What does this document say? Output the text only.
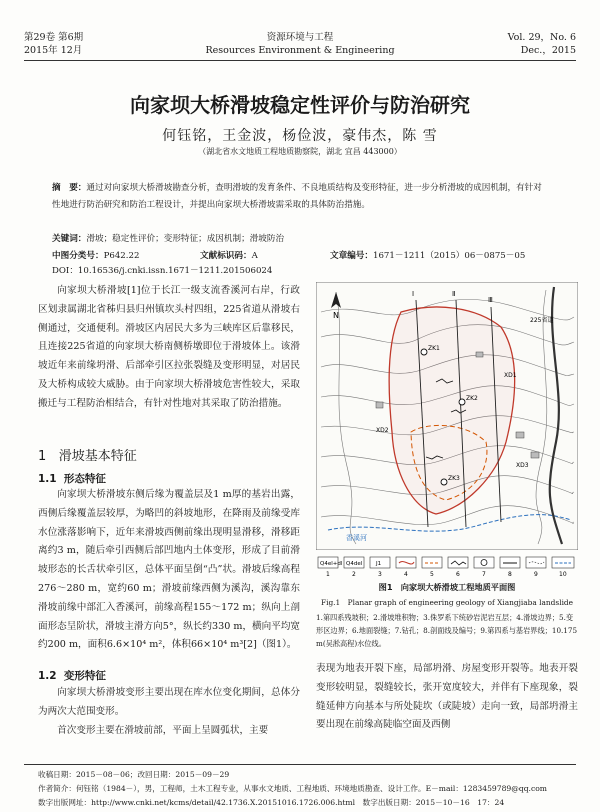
第29卷 第6期
2015年 12月
资源环境与工程
Resources Environment & Engineering
Vol. 29，No. 6
Dec.，2015
向家坝大桥滑坡稳定性评价与防治研究
何钰铭，王金波，杨俭波，豪伟杰，陈 雪
（湖北省水文地质工程地质勘察院，湖北 宜昌 443000）
摘　要：通过对向家坝大桥滑坡勘查分析，查明滑坡的发育条件、不良地质结构及变形特征，进一步分析滑坡的成因机制，有针对性地进行防治研究和防治工程设计，并提出向家坝大桥滑坡需采取的具体防治措施。
关键词：滑坡；稳定性评价；变形特征；成因机制；滑坡防治
中图分类号：P642.22	文献标识码：A	文章编号：1671－1211（2015）06－0875－05
DOI：10.16536/j.cnki.issn.1671－1211.201506024
向家坝大桥滑坡[1]位于长江一级支流香溪河右岸，行政区划隶属湖北省秭归县归州镇坎头村四组，225省道从滑坡右侧通过，交通便利。滑坡区内居民大多为三峡库区后靠移民，且连接225省道的向家坝大桥南侧桥墩即位于滑坡体上。该滑坡近年来前缘坍滑、后部牵引区拉张裂缝及变形明显，对居民及大桥构成较大威胁。由于向家坝大桥滑坡危害性较大，采取搬迁与工程防治相结合，有针对性地对其采取了防治措施。
1 滑坡基本特征
1.1 形态特征
向家坝大桥滑坡东侧后缘为覆盖层及1 m厚的基岩出露，西侧后缘覆盖层较厚，为略凹的斜坡地形，在降雨及前缘受库水位涨落影响下，近年来滑坡西侧前缘出现明显滑移，滑移距离约3 m，随后牵引西侧后部凹地内土体变形，形成了目前滑坡形态的长舌状牵引区，总体平面呈倒“凸”状。滑坡后缘高程276～280 m，宽约60 m；滑坡前缘西侧为溪沟，溪沟靠东滑坡前缘中部汇入香溪河，前缘高程155～172 m；纵向上剖面形态呈阶状，滑坡主滑方向5°，纵长约330 m，横向平均宽约200 m，面积6.6×10⁴ m²，体积66×10⁴ m³[2]（图1）。
1.2 变形特征
向家坝大桥滑坡变形主要出现在库水位变化期间，总体分为两次大范围变形。
首次变形主要在滑坡前部，平面上呈圆弧状，主要
N
Ⅰ	Ⅱ
Ⅲ
XD1
XD2
XD3
ZK1
ZK2
ZK3
225省道
香溪河
Q4el+dl
1
Q4del
2
J1
3	4	5	6	7	8	9	10
图1　向家坝大桥滑坡工程地质平面图
Fig.1　Planar graph of engineering geology of Xiangjiaba landslide
1.第四系残坡积；2.滑坡堆积物；3.侏罗系下统砂岩泥岩互层；4.滑坡边界；5.变形区边界；6.地面裂缝；7.钻孔；8.剖面线及编号；9.第四系与基岩界线；10.175 m(吴淞高程)水位线。
表现为地表开裂下座，局部坍滑、房屋变形开裂等。地表开裂变形较明显，裂缝较长，张开宽度较大，并伴有下座现象，裂缝延伸方向基本与所处陡坎（或陡坡）走向一致，局部坍滑主要出现在前缘高陡临空面及西侧
收稿日期：2015－08－06；改回日期：2015－09－29
作者简介：何钰铭（1984－），男，工程师，土木工程专业，从事水文地质、工程地质、环境地质勘查、设计工作。E－mail：1283459789@qq.com
数字出版网址：http://www.cnki.net/kcms/detail/42.1736.X.20151016.1726.006.html　数字出版日期：2015－10－16　17：24
